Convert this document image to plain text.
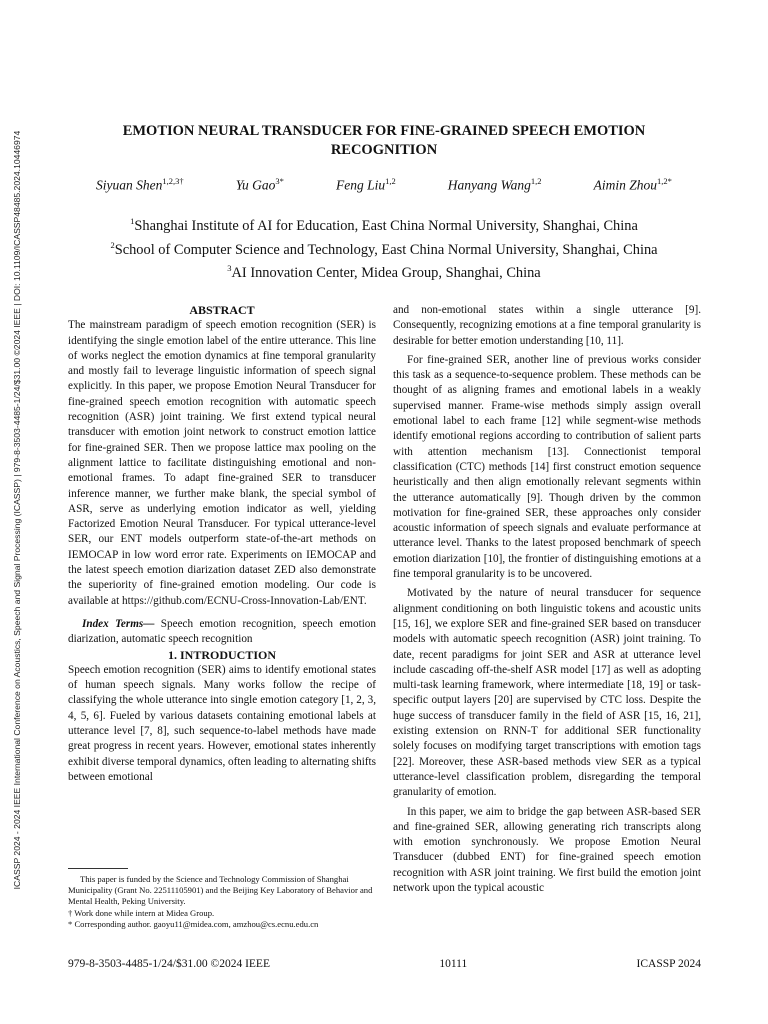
ICASSP 2024 - 2024 IEEE International Conference on Acoustics, Speech and Signal Processing (ICASSP) | 979-8-3503-4485-1/24/$31.00 ©2024 IEEE | DOI: 10.1109/ICASSP48485.2024.10446974	EMOTION NEURAL TRANSDUCER FOR FINE-GRAINED SPEECH EMOTION
RECOGNITION
Siyuan Shen$^{1,2,3\dagger}$	Yu Gao$^{3*}$	Feng Liu$^{1,2}$	Hanyang Wang$^{1,2}$	Aimin Zhou$^{1,2*}$
$^1$Shanghai Institute of AI for Education, East China Normal University, Shanghai, China
$^2$School of Computer Science and Technology, East China Normal University, Shanghai, China
$^3$AI Innovation Center, Midea Group, Shanghai, China

ABSTRACT

The mainstream paradigm of speech emotion recognition (SER) is identifying the single emotion label of the entire utterance. This line of works neglect the emotion dynamics at fine temporal granularity and mostly fail to leverage linguistic information of speech signal explicitly. In this paper, we propose Emotion Neural Transducer for fine-grained speech emotion recognition with automatic speech recognition (ASR) joint training. We first extend typical neural transducer with emotion joint network to construct emotion lattice for fine-grained SER. Then we propose lattice max pooling on the alignment lattice to facilitate distinguishing emotional and non-emotional frames. To adapt fine-grained SER to transducer inference manner, we further make blank, the special symbol of ASR, serve as underlying emotion indicator as well, yielding Factorized Emotion Neural Transducer. For typical utterance-level SER, our ENT models outperform state-of-the-art methods on IEMOCAP in low word error rate. Experiments on IEMOCAP and the latest speech emotion diarization dataset ZED also demonstrate the superiority of fine-grained emotion modeling. Our code is available at https://github.com/ECNU-Cross-Innovation-Lab/ENT.

Index Terms— Speech emotion recognition, speech emotion diarization, automatic speech recognition

1. INTRODUCTION

Speech emotion recognition (SER) aims to identify emotional states of human speech signals. Many works follow the recipe of classifying the whole utterance into single emotion category [1, 2, 3, 4, 5, 6]. Fueled by various datasets containing emotional labels at utterance level [7, 8], such sequence-to-label methods have made great progress in recent years. However, emotional states inherently exhibit diverse temporal dynamics, often leading to alternating shifts between emotional

and non-emotional states within a single utterance [9]. Consequently, recognizing emotions at a fine temporal granularity is desirable for better emotion understanding [10, 11].

For fine-grained SER, another line of previous works consider this task as a sequence-to-sequence problem. These methods can be thought of as aligning frames and emotional labels in a weakly supervised manner. Frame-wise methods simply assign overall emotional label to each frame [12] while segment-wise methods identify emotional regions according to contribution of salient parts with attention mechanism [13]. Connectionist temporal classification (CTC) methods [14] first construct emotion sequence heuristically and then align emotionally relevant segments within the utterance automatically [9]. Though driven by the common motivation for fine-grained SER, these approaches only consider acoustic information of speech signals and evaluate performance at utterance level. Thanks to the latest proposed benchmark of speech emotion diarization [10], the frontier of distinguishing emotions at a fine temporal granularity is to be uncovered.

Motivated by the nature of neural transducer for sequence alignment conditioning on both linguistic tokens and acoustic units [15, 16], we explore SER and fine-grained SER based on transducer models with automatic speech recognition (ASR) joint training. To date, recent paradigms for joint SER and ASR at utterance level include cascading off-the-shelf ASR model [17] as well as adopting multi-task learning framework, where intermediate [18, 19] or task-specific output layers [20] are supervised by CTC loss. Despite the huge success of transducer family in the field of ASR [15, 16, 21], existing extension on RNN-T for additional SER functionality solely focuses on modifying target transcriptions with emotion tags [22]. Moreover, these ASR-based methods view SER as a typical utterance-level classification problem, disregarding the temporal granularity of emotion.

In this paper, we aim to bridge the gap between ASR-based SER and fine-grained SER, allowing generating rich transcripts along with emotion synchronously. We propose Emotion Neural Transducer (dubbed ENT) for fine-grained speech emotion recognition with ASR joint training. We first build the emotion joint network upon the typical acoustic

This paper is funded by the Science and Technology Commission of Shanghai Municipality (Grant No. 22511105901) and the Beijing Key Laboratory of Behavior and Mental Health, Peking University.

† Work done while intern at Midea Group.

* Corresponding author. gaoyu11@midea.com, amzhou@cs.ecnu.edu.cn

979-8-3503-4485-1/24/$31.00 ©2024 IEEE	10111	ICASSP 2024
